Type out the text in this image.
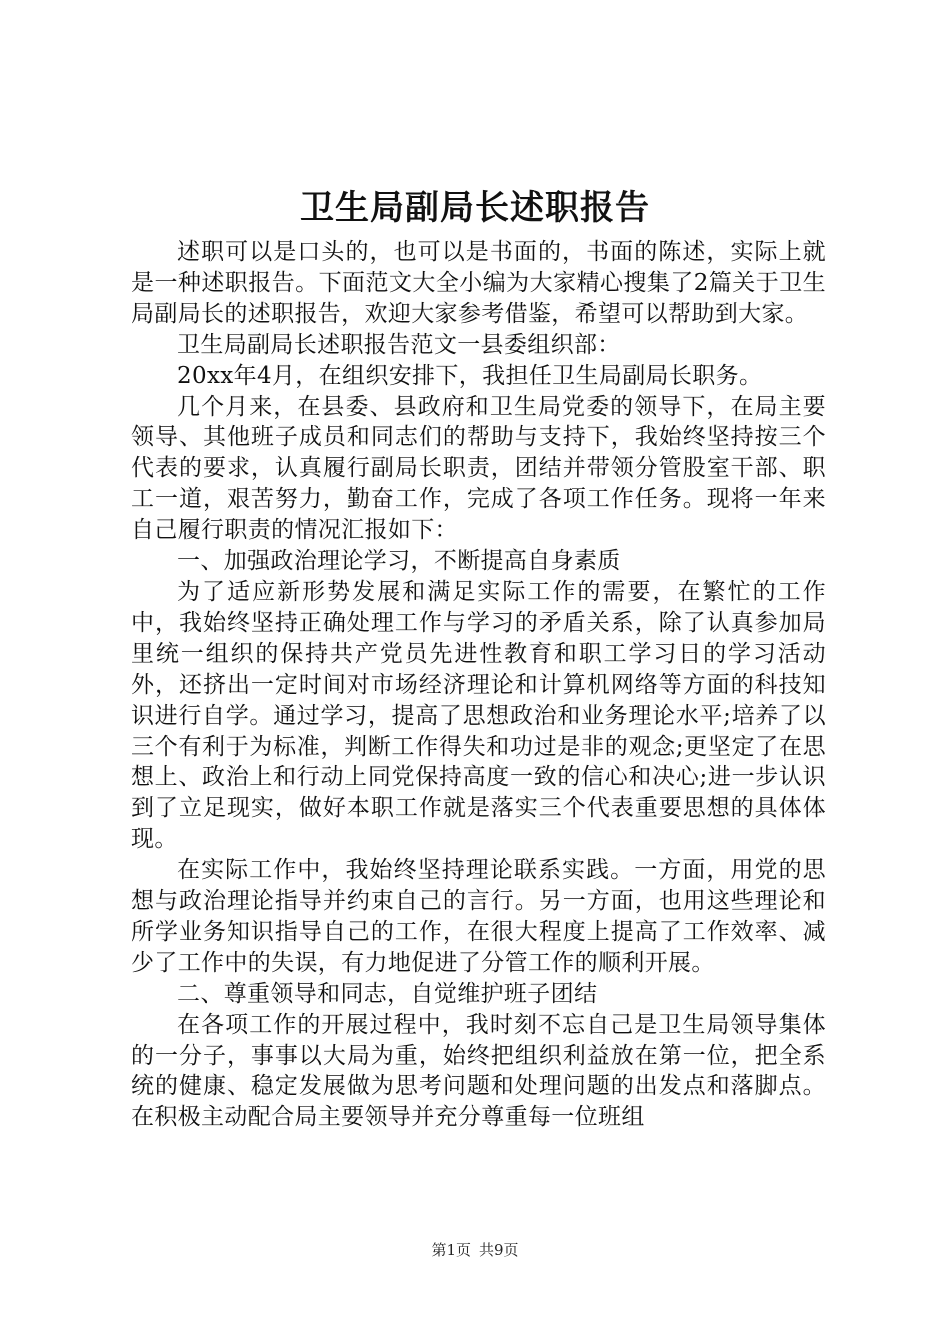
卫生局副局长述职报告

述职可以是口头的，也可以是书面的，书面的陈述，实际上就是一种述职报告。下面范文大全小编为大家精心搜集了2篇关于卫生局副局长的述职报告，欢迎大家参考借鉴，希望可以帮助到大家。

卫生局副局长述职报告范文一县委组织部：

20xx年4月，在组织安排下，我担任卫生局副局长职务。

几个月来，在县委、县政府和卫生局党委的领导下，在局主要领导、其他班子成员和同志们的帮助与支持下，我始终坚持按三个代表的要求，认真履行副局长职责，团结并带领分管股室干部、职工一道，艰苦努力，勤奋工作，完成了各项工作任务。现将一年来自己履行职责的情况汇报如下：

一、加强政治理论学习，不断提高自身素质

为了适应新形势发展和满足实际工作的需要，在繁忙的工作中，我始终坚持正确处理工作与学习的矛盾关系，除了认真参加局里统一组织的保持共产党员先进性教育和职工学习日的学习活动外，还挤出一定时间对市场经济理论和计算机网络等方面的科技知识进行自学。通过学习，提高了思想政治和业务理论水平;培养了以三个有利于为标准，判断工作得失和功过是非的观念;更坚定了在思想上、政治上和行动上同党保持高度一致的信心和决心;进一步认识到了立足现实，做好本职工作就是落实三个代表重要思想的具体体现。

在实际工作中，我始终坚持理论联系实践。一方面，用党的思想与政治理论指导并约束自己的言行。另一方面，也用这些理论和所学业务知识指导自己的工作，在很大程度上提高了工作效率、减少了工作中的失误，有力地促进了分管工作的顺利开展。

二、尊重领导和同志，自觉维护班子团结

在各项工作的开展过程中，我时刻不忘自己是卫生局领导集体的一分子，事事以大局为重，始终把组织利益放在第一位，把全系统的健康、稳定发展做为思考问题和处理问题的出发点和落脚点。在积极主动配合局主要领导并充分尊重每一位班组

第1页 共9页
